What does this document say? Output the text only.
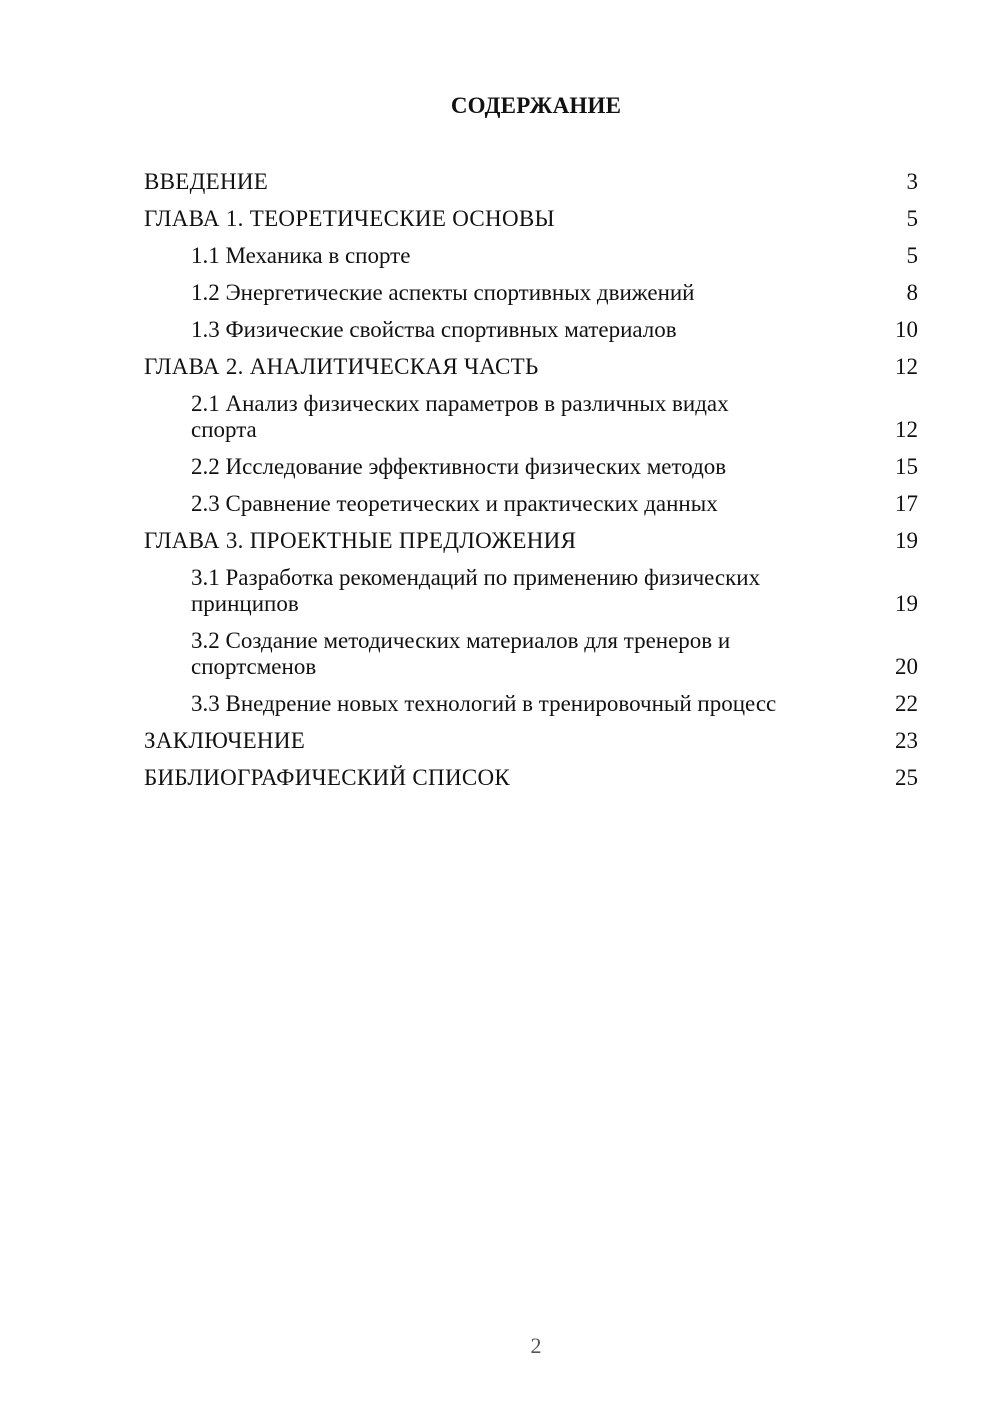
СОДЕРЖАНИЕ
ВВЕДЕНИЕ	3
ГЛАВА 1. ТЕОРЕТИЧЕСКИЕ ОСНОВЫ	5
1.1 Механика в спорте	5
1.2 Энергетические аспекты спортивных движений	8
1.3 Физические свойства спортивных материалов	10
ГЛАВА 2. АНАЛИТИЧЕСКАЯ ЧАСТЬ	12
2.1 Анализ физических параметров в различных видах спорта	12
2.2 Исследование эффективности физических методов	15
2.3 Сравнение теоретических и практических данных	17
ГЛАВА 3. ПРОЕКТНЫЕ ПРЕДЛОЖЕНИЯ	19
3.1 Разработка рекомендаций по применению физических принципов	19
3.2 Создание методических материалов для тренеров и спортсменов	20
3.3 Внедрение новых технологий в тренировочный процесс	22
ЗАКЛЮЧЕНИЕ	23
БИБЛИОГРАФИЧЕСКИЙ СПИСОК	25
2
